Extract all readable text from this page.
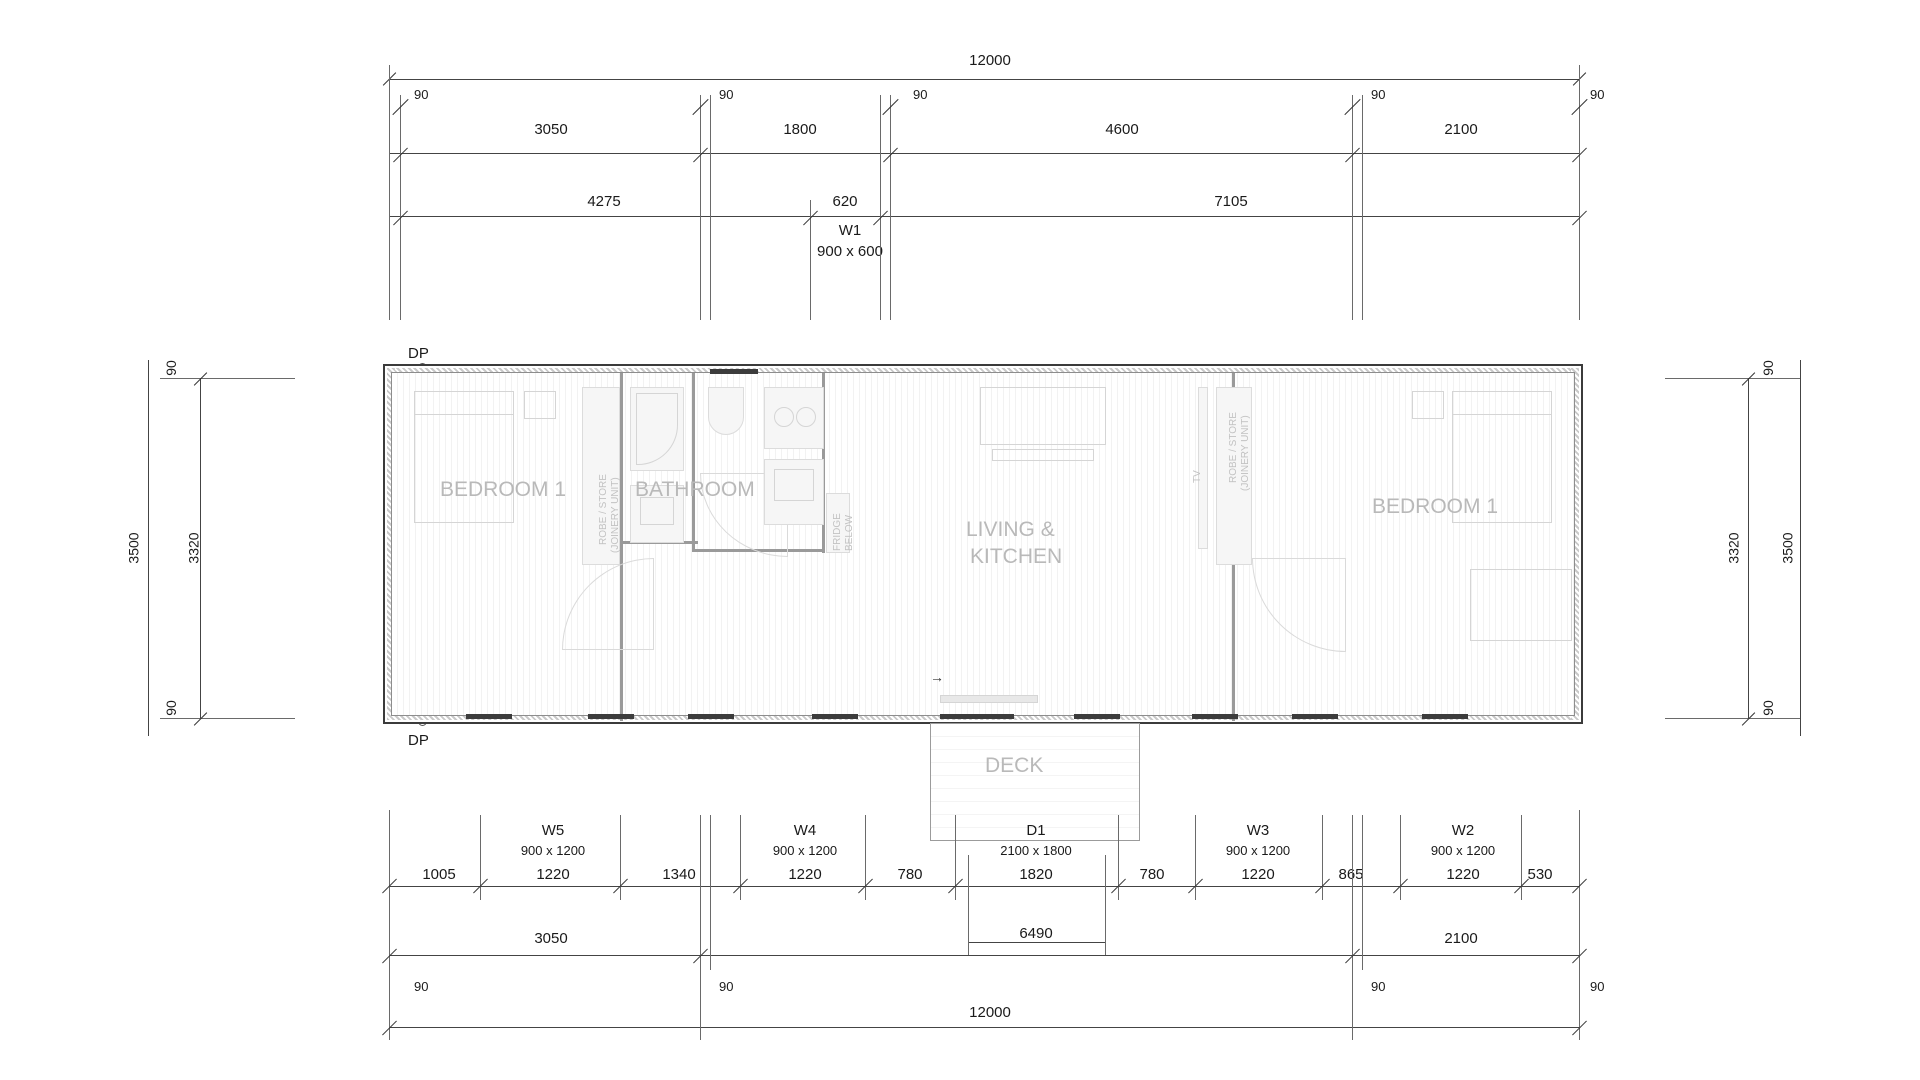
12000
90	90	90	90	90
3050	1800	4600	2100
4275	620	7105
W1
900 x 600
3500	3320
90
90
3500
3320
90
90
DP
DP
→
BEDROOM 1	BATHROOM
LIVING &
KITCHEN
BEDROOM 1
ROBE / STORE (JOINERY UNIT)
ROBE / STORE (JOINERY UNIT)
FRIDGE BELOW
TV
DECK
W5
900 x 1200
1220
W4
900 x 1200
1220
D1
2100 x 1800
1820
W3
900 x 1200
1220
W2
900 x 1200
1220
1005	1340	780	780	865	530
6490
3050	2100
90	90	90	90
12000
